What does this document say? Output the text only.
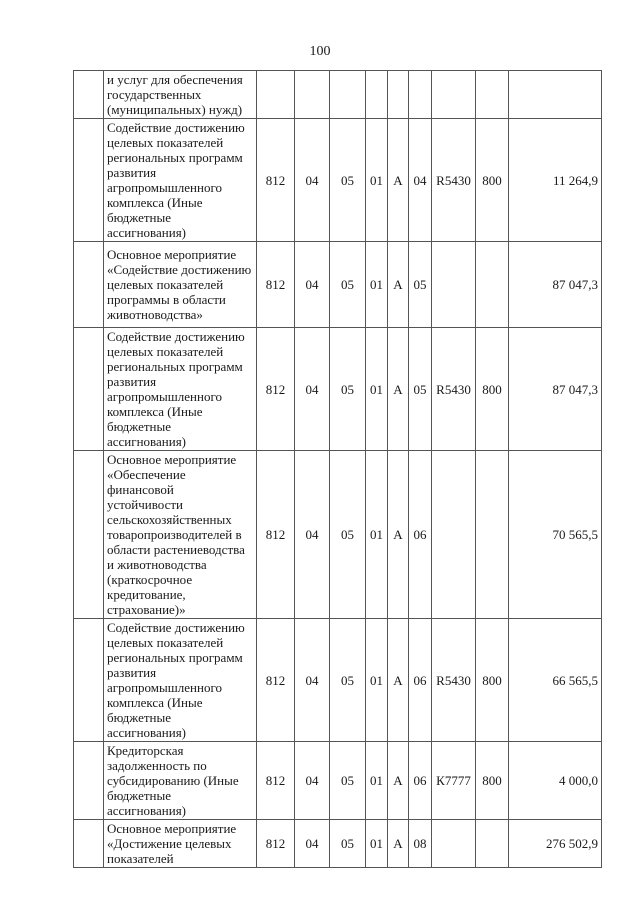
100
	и услуг для обеспечения государственных (муниципальных) нужд)									
	Содействие достижению целевых показателей региональных программ развития агропромышленного комплекса (Иные бюджетные ассигнования)	812	04	05	01	А	04	R5430	800	11 264,9
	Основное мероприятие «Содействие достижению целевых показателей программы в области животноводства»	812	04	05	01	А	05			87 047,3
	Содействие достижению целевых показателей региональных программ развития агропромышленного комплекса (Иные бюджетные ассигнования)	812	04	05	01	А	05	R5430	800	87 047,3
	Основное мероприятие «Обеспечение финансовой устойчивости сельскохозяйственных товаропроизводителей в области растениеводства и животноводства (краткосрочное кредитование, страхование)»	812	04	05	01	А	06			70 565,5
	Содействие достижению целевых показателей региональных программ развития агропромышленного комплекса (Иные бюджетные ассигнования)	812	04	05	01	А	06	R5430	800	66 565,5
	Кредиторская задолженность по субсидированию (Иные бюджетные ассигнования)	812	04	05	01	А	06	К7777	800	4 000,0
	Основное мероприятие «Достижение целевых показателей	812	04	05	01	А	08			276 502,9
